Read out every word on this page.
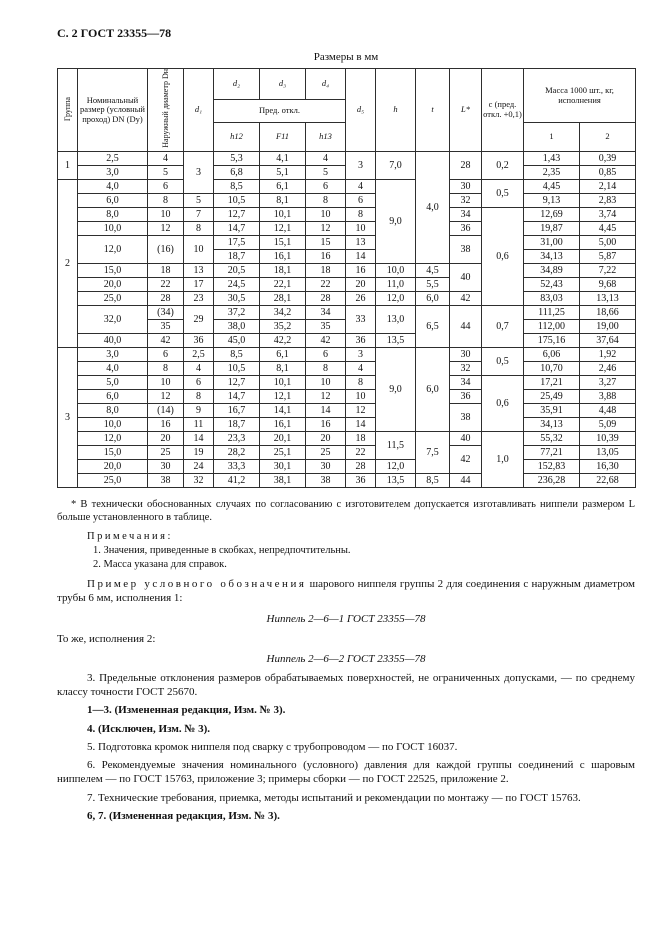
С. 2 ГОСТ 23355—78
Размеры в мм
Группа	Номинальный размер (условный проход) DN (Dу)	Наружный диаметр Dн	d₁	d₂	d₃	d₄	d₅	h	t	L*	с (пред. откл. +0,1)	Масса 1000 шт., кг, исполнения	
				Пред. откл.									
				h12	F11	h13						1	2
1	2,5	4	3	5,3	4,1	4	3	7,0	4,0	28	0,2	1,43	0,39
	3,0	5		6,8	5,1	5						2,35	0,85
2	4,0	6		8,5	6,1	6	4	9,0		30	0,5	4,45	2,14
	6,0	8	5	10,5	8,1	8	6			32		9,13	2,83
	8,0	10	7	12,7	10,1	10	8			34	0,6	12,69	3,74
	10,0	12	8	14,7	12,1	12	10			36		19,87	4,45
	12,0	(16)	10	17,5	15,1	15	13			38		31,00	5,00
				18,7	16,1	16	14					34,13	5,87
	15,0	18	13	20,5	18,1	18	16	10,0	4,5	40		34,89	7,22
	20,0	22	17	24,5	22,1	22	20	11,0	5,5			52,43	9,68
	25,0	28	23	30,5	28,1	28	26	12,0	6,0	42		83,03	13,13
	32,0	(34)	29	37,2	34,2	34	33	13,0	6,5	44	0,7	111,25	18,66
		35		38,0	35,2	35						112,00	19,00
	40,0	42	36	45,0	42,2	42	36	13,5				175,16	37,64
3	3,0	6	2,5	8,5	6,1	6	3	9,0	6,0	30	0,5	6,06	1,92
	4,0	8	4	10,5	8,1	8	4			32		10,70	2,46
	5,0	10	6	12,7	10,1	10	8			34	0,6	17,21	3,27
	6,0	12	8	14,7	12,1	12	10			36		25,49	3,88
	8,0	(14)	9	16,7	14,1	14	12			38		35,91	4,48
	10,0	16	11	18,7	16,1	16	14					34,13	5,09
	12,0	20	14	23,3	20,1	20	18	11,5	7,5	40	1,0	55,32	10,39
	15,0	25	19	28,2	25,1	25	22			42		77,21	13,05
	20,0	30	24	33,3	30,1	30	28	12,0				152,83	16,30
	25,0	38	32	41,2	38,1	38	36	13,5	8,5	44		236,28	22,68

* В технически обоснованных случаях по согласованию с изготовителем допускается изготавливать ниппели размером L больше установленного в таблице.

Примечания:

1. Значения, приведенные в скобках, непредпочтительны.

2. Масса указана для справок.

Пример условного обозначения шарового ниппеля группы 2 для соединения с наружным диаметром трубы 6 мм, исполнения 1:

Ниппель 2—6—1 ГОСТ 23355—78

То же, исполнения 2:

Ниппель 2—6—2 ГОСТ 23355—78

3. Предельные отклонения размеров обрабатываемых поверхностей, не ограниченных допусками, — по среднему классу точности ГОСТ 25670.

1—3. (Измененная редакция, Изм. № 3).

4. (Исключен, Изм. № 3).

5. Подготовка кромок ниппеля под сварку с трубопроводом — по ГОСТ 16037.

6. Рекомендуемые значения номинального (условного) давления для каждой группы соединений с шаровым ниппелем — по ГОСТ 15763, приложение 3; примеры сборки — по ГОСТ 22525, приложение 2.

7. Технические требования, приемка, методы испытаний и рекомендации по монтажу — по ГОСТ 15763.

6, 7. (Измененная редакция, Изм. № 3).
